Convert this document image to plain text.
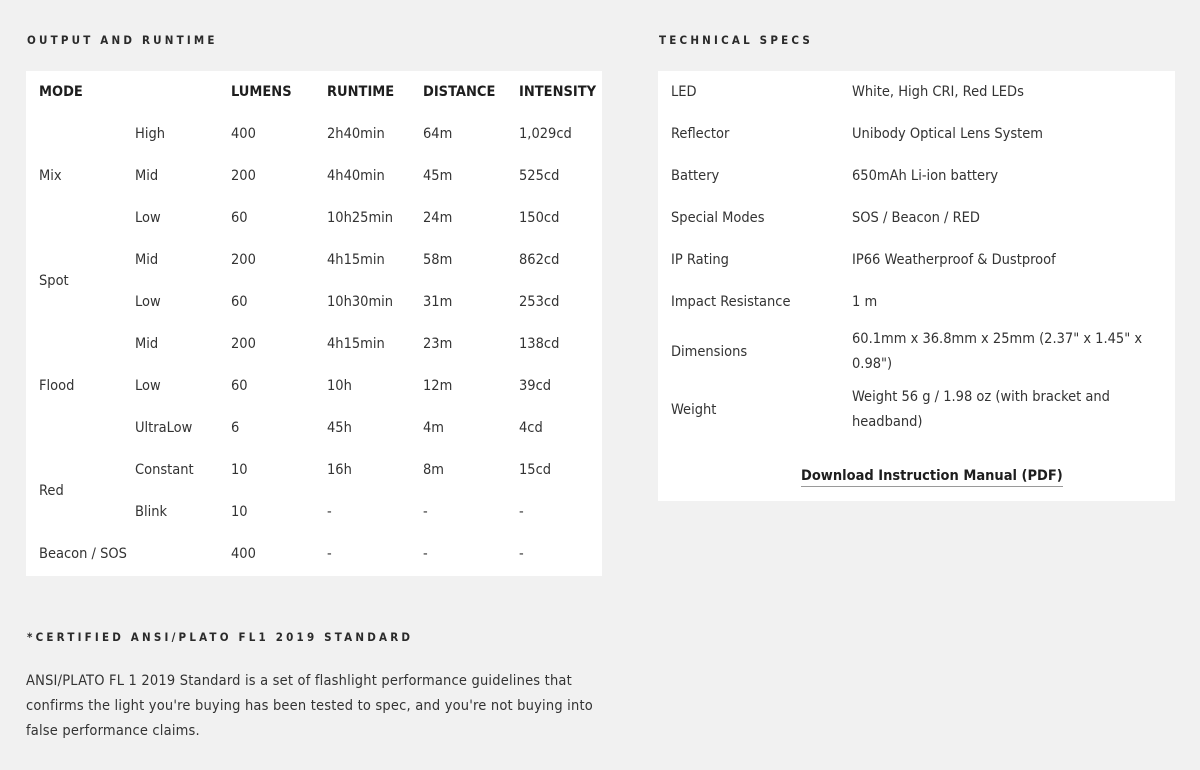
OUTPUT AND RUNTIME
MODE		LUMENS	RUNTIME	DISTANCE	INTENSITY
Mix	High	400	2h40min	64m	1,029cd
	Mid	200	4h40min	45m	525cd
	Low	60	10h25min	24m	150cd
Spot	Mid	200	4h15min	58m	862cd
	Low	60	10h30min	31m	253cd
Flood	Mid	200	4h15min	23m	138cd
	Low	60	10h	12m	39cd
	UltraLow	6	45h	4m	4cd
Red	Constant	10	16h	8m	15cd
	Blink	10	-	-	-
Beacon / SOS		400	-	-	-
TECHNICAL SPECS
LED	White, High CRI, Red LEDs
Reflector	Unibody Optical Lens System
Battery	650mAh Li-ion battery
Special Modes	SOS / Beacon / RED
IP Rating	IP66 Weatherproof & Dustproof
Impact Resistance	1 m
Dimensions	60.1mm x 36.8mm x 25mm (2.37" x 1.45" x 0.98")
Weight	Weight 56 g / 1.98 oz (with bracket and headband)
Download Instruction Manual (PDF)
*CERTIFIED ANSI/PLATO FL1 2019 STANDARD
ANSI/PLATO FL 1 2019 Standard is a set of flashlight performance guidelines that confirms the light you're buying has been tested to spec, and you're not buying into false performance claims.
